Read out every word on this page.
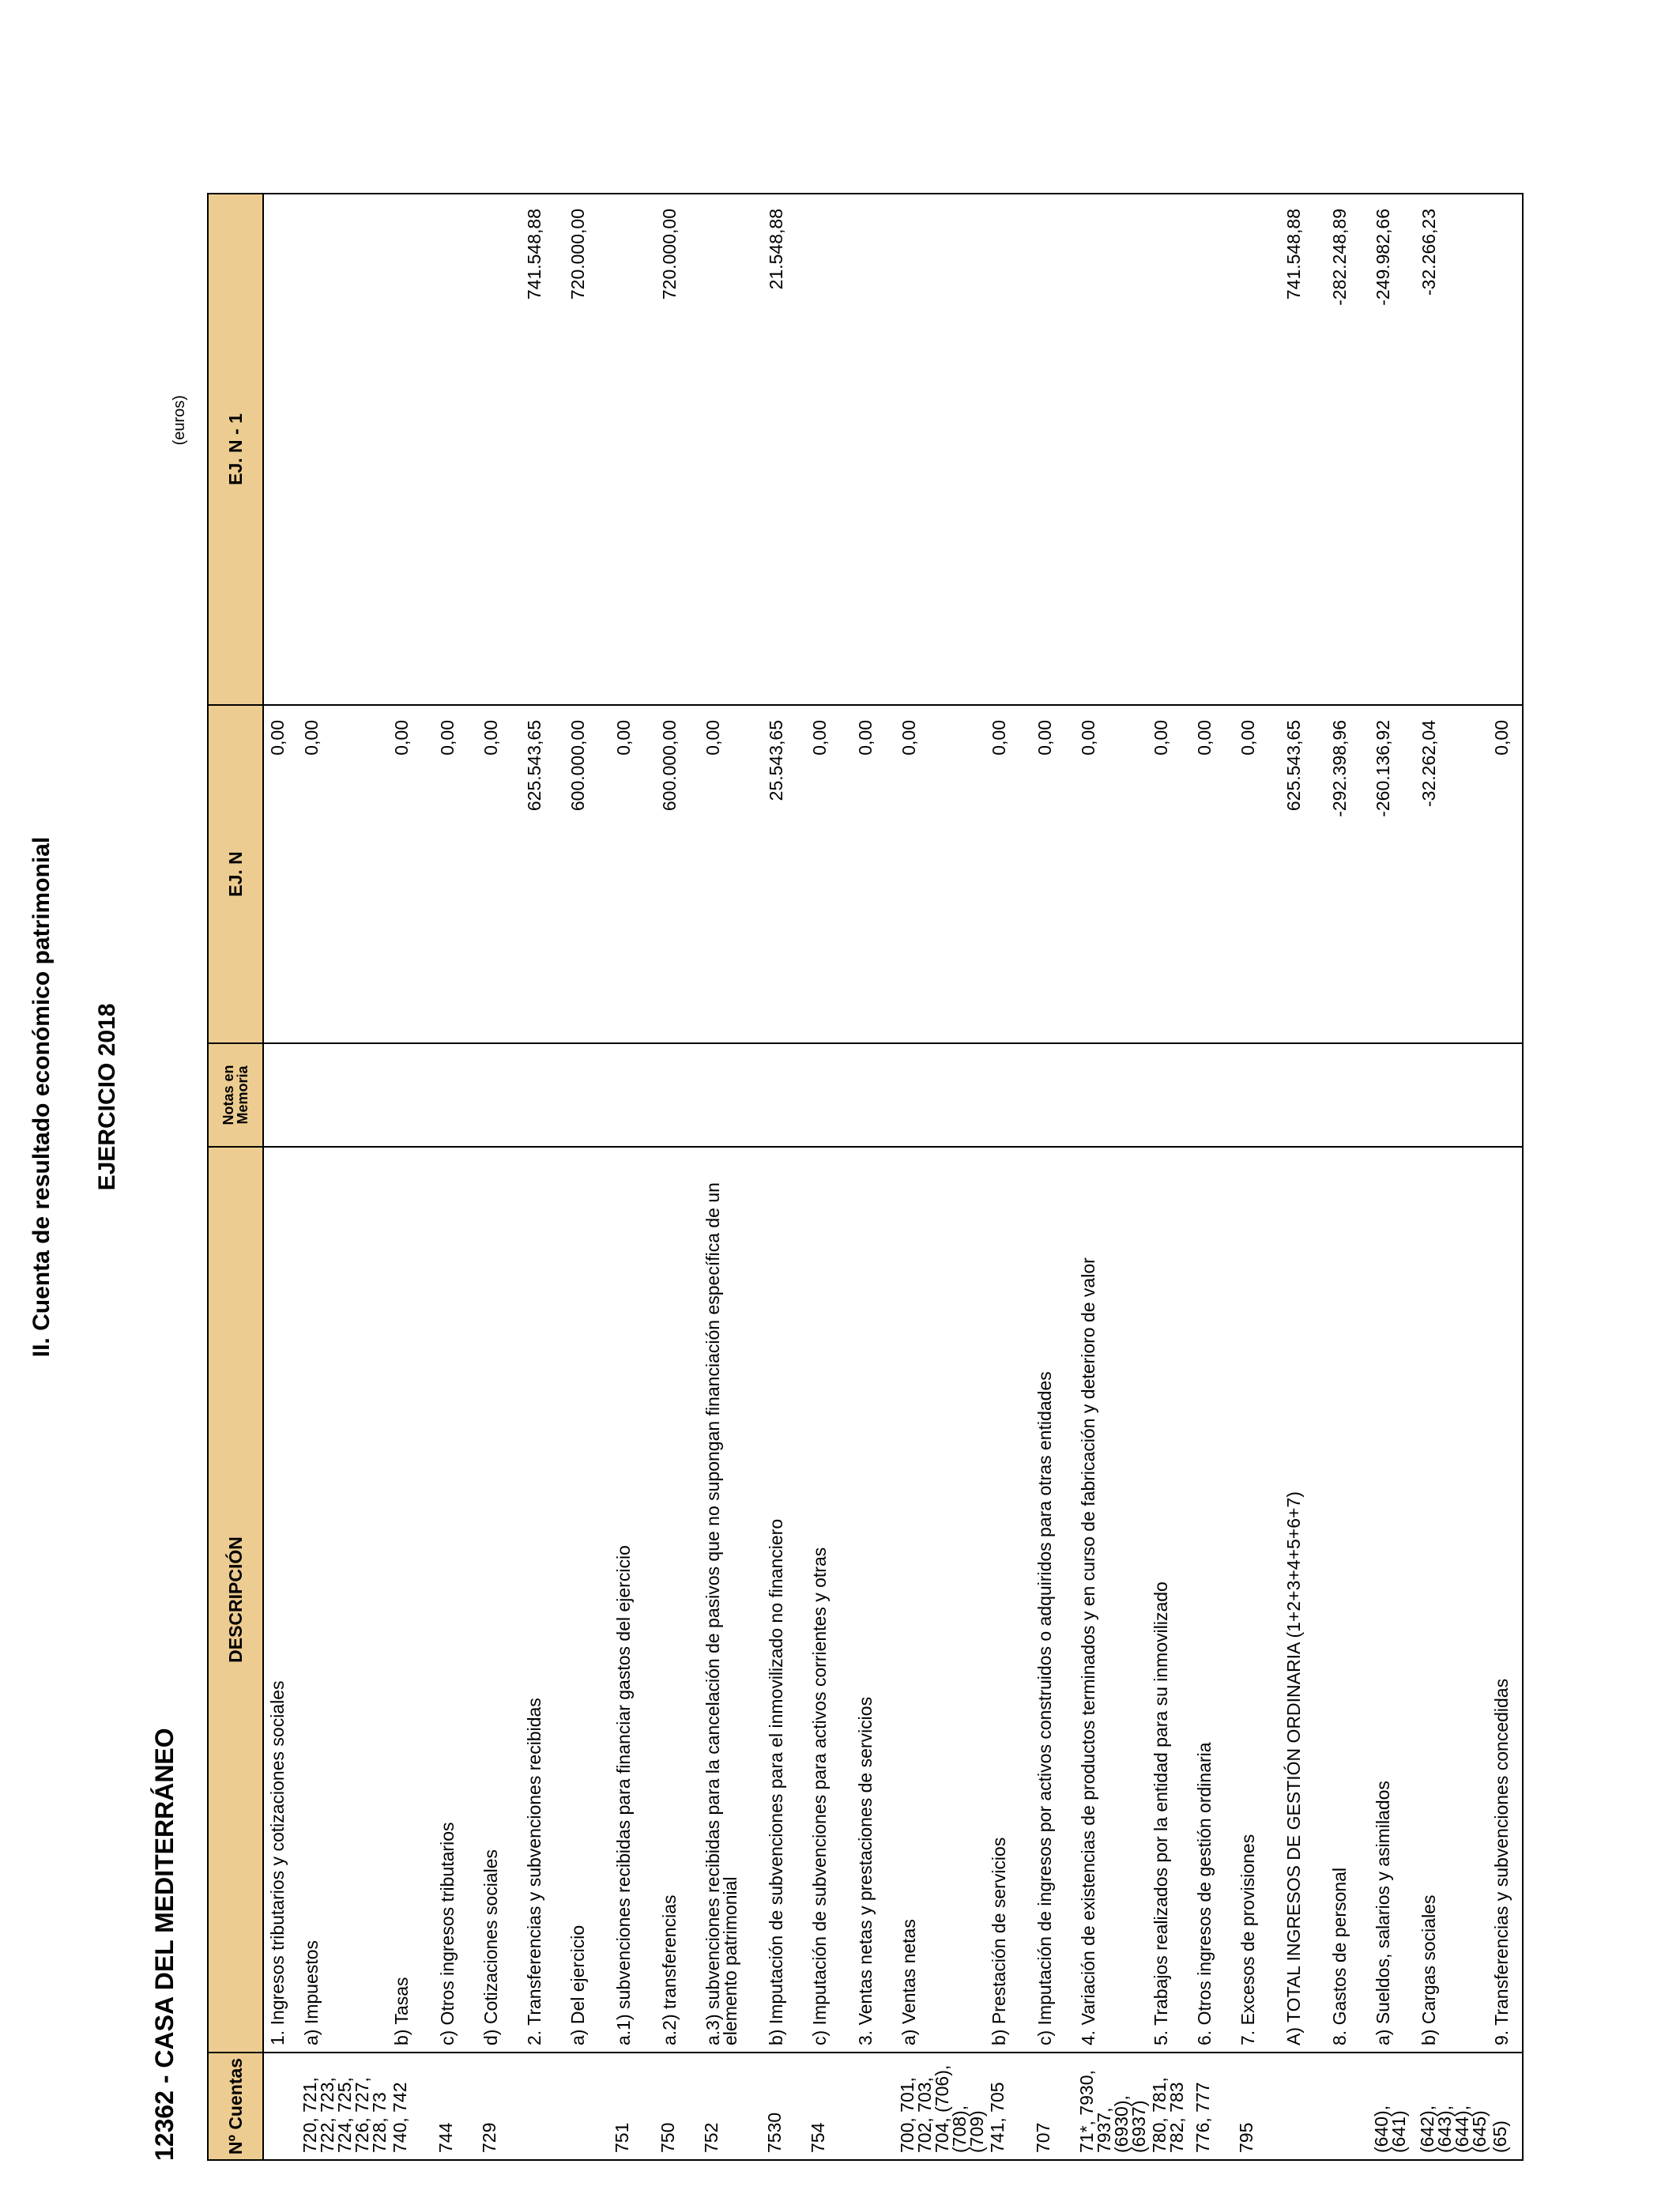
II. Cuenta de resultado económico patrimonial EJERCICIO 2018
12362 - CASA DEL MEDITERRÁNEO
(euros)
Nº Cuentas	DESCRIPCIÓN	Notas en Memoria	EJ. N	EJ. N - 1
	1. Ingresos tributarios y cotizaciones sociales		0,00	
720, 721, 722, 723, 724, 725, 726, 727, 728, 73	a) Impuestos		0,00	
740, 742	b) Tasas		0,00	
744	c) Otros ingresos tributarios		0,00	
729	d) Cotizaciones sociales		0,00	
	2. Transferencias y subvenciones recibidas		625.543,65	741.548,88
	a) Del ejercicio		600.000,00	720.000,00
751	a.1) subvenciones recibidas para financiar gastos del ejercicio		0,00	
750	a.2) transferencias		600.000,00	720.000,00
752	a.3) subvenciones recibidas para la cancelación de pasivos que no supongan financiación específica de un elemento patrimonial		0,00	
7530	b) Imputación de subvenciones para el inmovilizado no financiero		25.543,65	21.548,88
754	c) Imputación de subvenciones para activos corrientes y otras		0,00	
	3. Ventas netas y prestaciones de servicios		0,00	
700, 701, 702, 703, 704, (706), (708), (709)	a) Ventas netas		0,00	
741, 705	b) Prestación de servicios		0,00	
707	c) Imputación de ingresos por activos construidos o adquiridos para otras entidades		0,00	
71*, 7930, 7937, (6930), (6937)	4. Variación de existencias de productos terminados y en curso de fabricación y deterioro de valor		0,00	
780, 781, 782, 783	5. Trabajos realizados por la entidad para su inmovilizado		0,00	
776, 777	6. Otros ingresos de gestión ordinaria		0,00	
795	7. Excesos de provisiones		0,00	
	A) TOTAL INGRESOS DE GESTIÓN ORDINARIA (1+2+3+4+5+6+7)		625.543,65	741.548,88
	8. Gastos de personal		-292.398,96	-282.248,89
(640), (641)	a) Sueldos, salarios y asimilados		-260.136,92	-249.982,66
(642), (643), (644), (645)	b) Cargas sociales		-32.262,04	-32.266,23
(65)	9. Transferencias y subvenciones concedidas		0,00	
